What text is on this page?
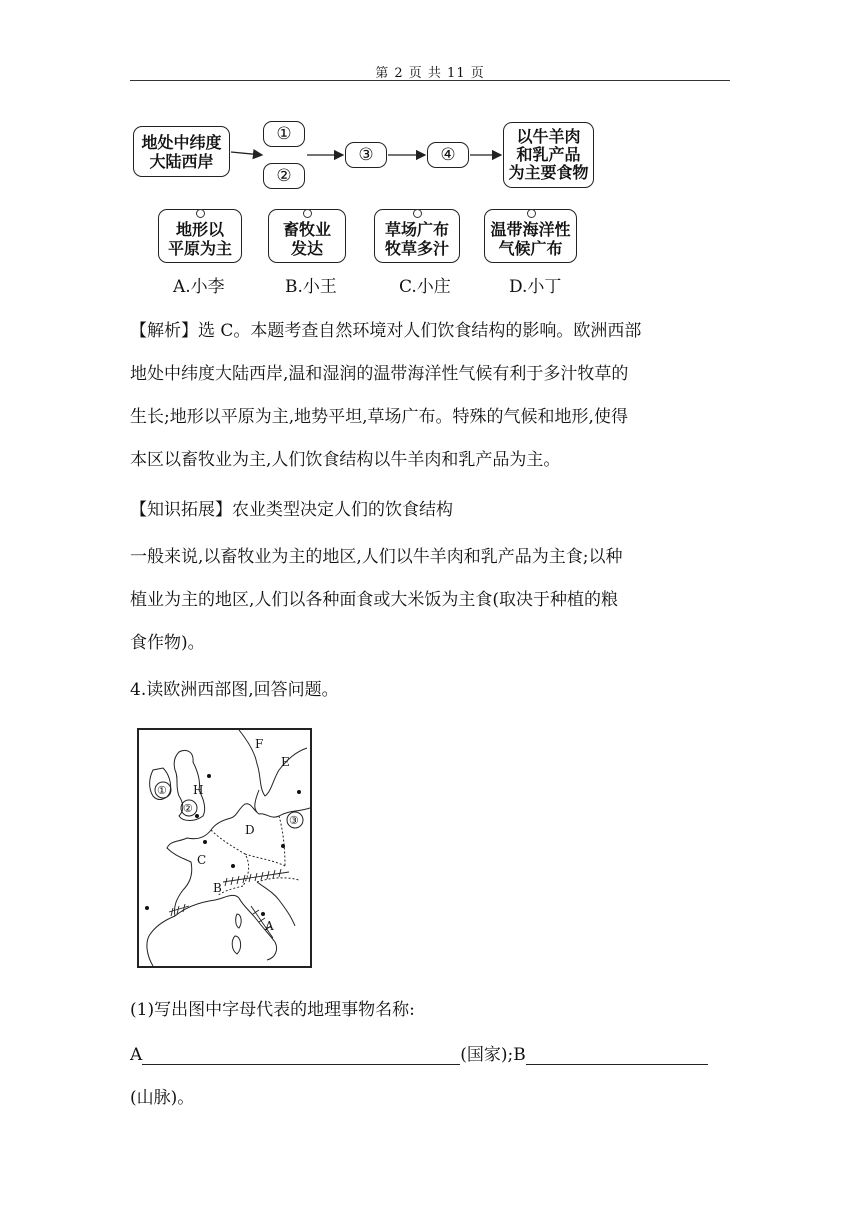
第 2 页 共 11 页
地处中纬度
大陆西岸
①
②
③	④
以牛羊肉
和乳产品
为主要食物
地形以
平原为主
畜牧业
发达
草场广布
牧草多汁
温带海洋性
气候广布
A.小李	B.小王	C.小庄	D.小丁
【解析】选 C。本题考查自然环境对人们饮食结构的影响。欧洲西部
地处中纬度大陆西岸,温和湿润的温带海洋性气候有利于多汁牧草的
生长;地形以平原为主,地势平坦,草场广布。特殊的气候和地形,使得
本区以畜牧业为主,人们饮食结构以牛羊肉和乳产品为主。
【知识拓展】农业类型决定人们的饮食结构
一般来说,以畜牧业为主的地区,人们以牛羊肉和乳产品为主食;以种
植业为主的地区,人们以各种面食或大米饭为主食(取决于种植的粮
食作物)。
4.读欧洲西部图,回答问题。
F
E
H
D
C
B
A
①
②
③
(1)写出图中字母代表的地理事物名称:
A	(国家);B
(山脉)。
